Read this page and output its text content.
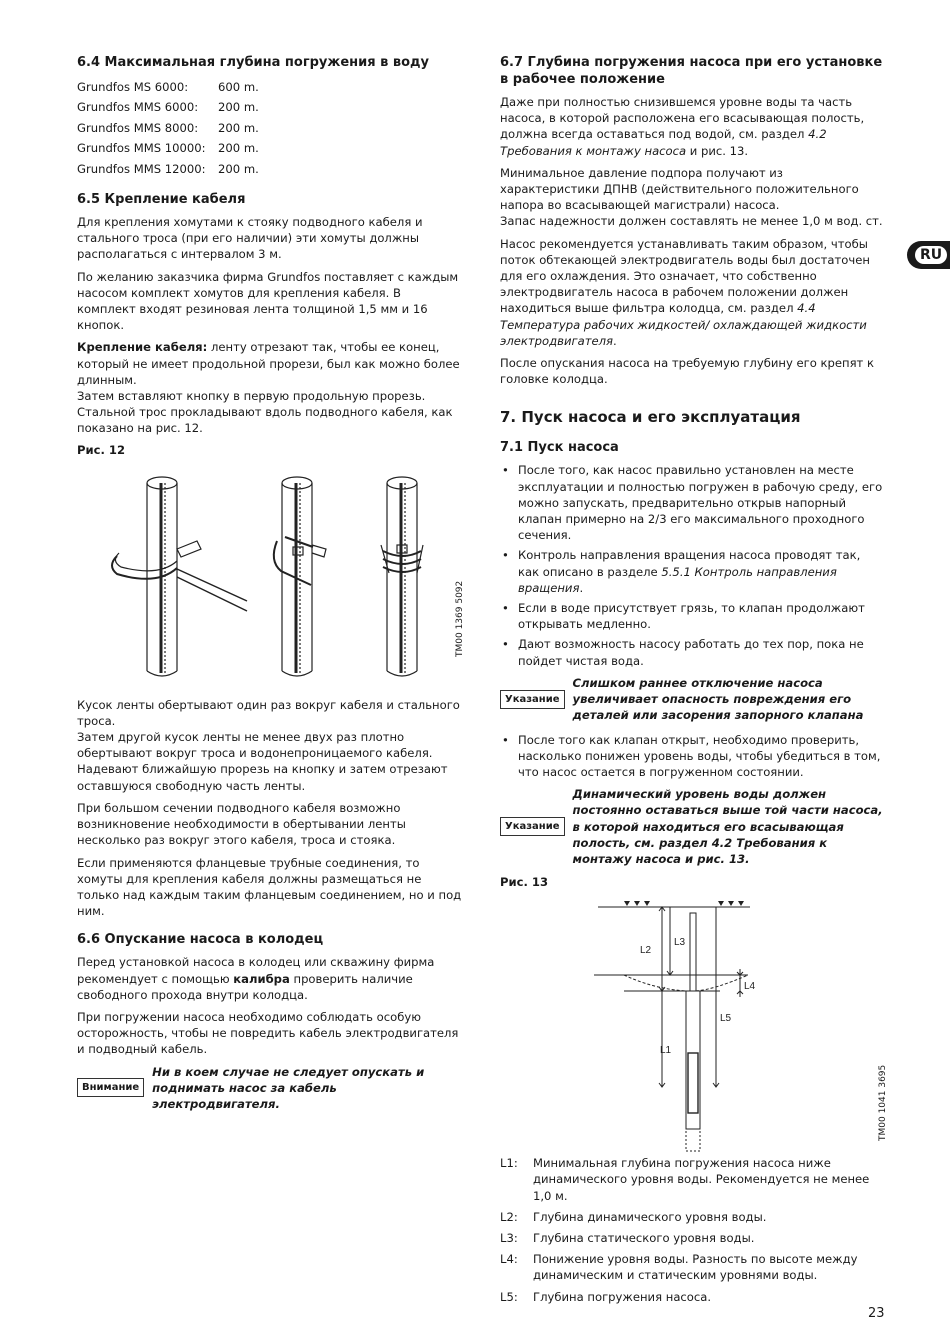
6.4 Максимальная глубина погружения в воду
Grundfos MS 6000:	600 m.
Grundfos MMS 6000:	200 m.
Grundfos MMS 8000:	200 m.
Grundfos MMS 10000:	200 m.
Grundfos MMS 12000:	200 m.
6.5 Крепление кабеля

Для крепления хомутами к стояку подводного кабеля и стального троса (при его наличии) эти хомуты должны располагаться с интервалом 3 м.

По желанию заказчика фирма Grundfos поставляет с каждым насосом комплект хомутов для крепления кабеля. В комплект входят резиновая лента толщиной 1,5 мм и 16 кнопок.

Крепление кабеля: ленту отрезают так, чтобы ее конец, который не имеет продольной прорези, был как можно более длинным.

Затем вставляют кнопку в первую продольную прорезь.

Стальной трос прокладывают вдоль подводного кабеля, как показано на рис. 12.

Рис. 12
TM00 1369 5092

Кусок ленты обертывают один раз вокруг кабеля и стального троса.

Затем другой кусок ленты не менее двух раз плотно обертывают вокруг троса и водонепроницаемого кабеля.

Надевают ближайшую прорезь на кнопку и затем отрезают оставшуюся свободную часть ленты.

При большом сечении подводного кабеля возможно возникновение необходимости в обертывании ленты несколько раз вокруг этого кабеля, троса и стояка.

Если применяются фланцевые трубные соединения, то хомуты для крепления кабеля должны размещаться не только над каждым таким фланцевым соединением, но и под ним.

6.6 Опускание насоса в колодец

Перед установкой насоса в колодец или скважину фирма рекомендует с помощью калибра проверить наличие свободного прохода внутри колодца.

При погружении насоса необходимо соблюдать особую осторожность, чтобы не повредить кабель электродвигателя и подводный кабель.

Внимание
Ни в коем случае не следует опускать и поднимать насос за кабель электродвигателя.
6.7 Глубина погружения насоса при его установке в рабочее положение

Даже при полностью снизившемся уровне воды та часть насоса, в которой расположена его всасывающая полость, должна всегда оставаться под водой, см. раздел 4.2 Требования к монтажу насоса и рис. 13.

Минимальное давление подпора получают из характеристики ДПНВ (действительного положительного напора во всасывающей магистрали) насоса.

Запас надежности должен составлять не менее 1,0 м вод. ст.

Насос рекомендуется устанавливать таким образом, чтобы поток обтекающей электродвигатель воды был достаточен для его охлаждения. Это означает, что собственно электродвигатель насоса в рабочем положении должен находиться выше фильтра колодца, см. раздел 4.4 Температура рабочих жидкостей/ охлаждающей жидкости электродвигателя.

После опускания насоса на требуемую глубину его крепят к головке колодца.

7. Пуск насоса и его эксплуатация
7.1 Пуск насоса
• После того, как насос правильно установлен на месте эксплуатации и полностью погружен в рабочую среду, его можно запускать, предварительно открыв напорный клапан примерно на 2/3 его максимального проходного сечения.
• Контроль направления вращения насоса проводят так, как описано в разделе 5.5.1 Контроль направления вращения.
• Если в воде присутствует грязь, то клапан продолжают открывать медленно.
• Дают возможность насосу работать до тех пор, пока не пойдет чистая вода.
Указание
Слишком раннее отключение насоса увеличивает опасность повреждения его деталей или засорения запорного клапана
• После того как клапан открыт, необходимо проверить, насколько понижен уровень воды, чтобы убедиться в том, что насос остается в погруженном состоянии.
Указание
Динамический уровень воды должен постоянно оставаться выше той части насоса, в которой находиться его всасывающая полость, см. раздел 4.2 Требования к монтажу насоса и рис. 13.
Рис. 13
L2
L3
L4
L5
L1
TM00 1041 3695
L1:	Минимальная глубина погружения насоса ниже динамического уровня воды. Рекомендуется не менее 1,0 м.
L2:	Глубина динамического уровня воды.
L3:	Глубина статического уровня воды.
L4:	Понижение уровня воды. Разность по высоте между динамическим и статическим уровнями воды.
L5:	Глубина погружения насоса.
RU
23
